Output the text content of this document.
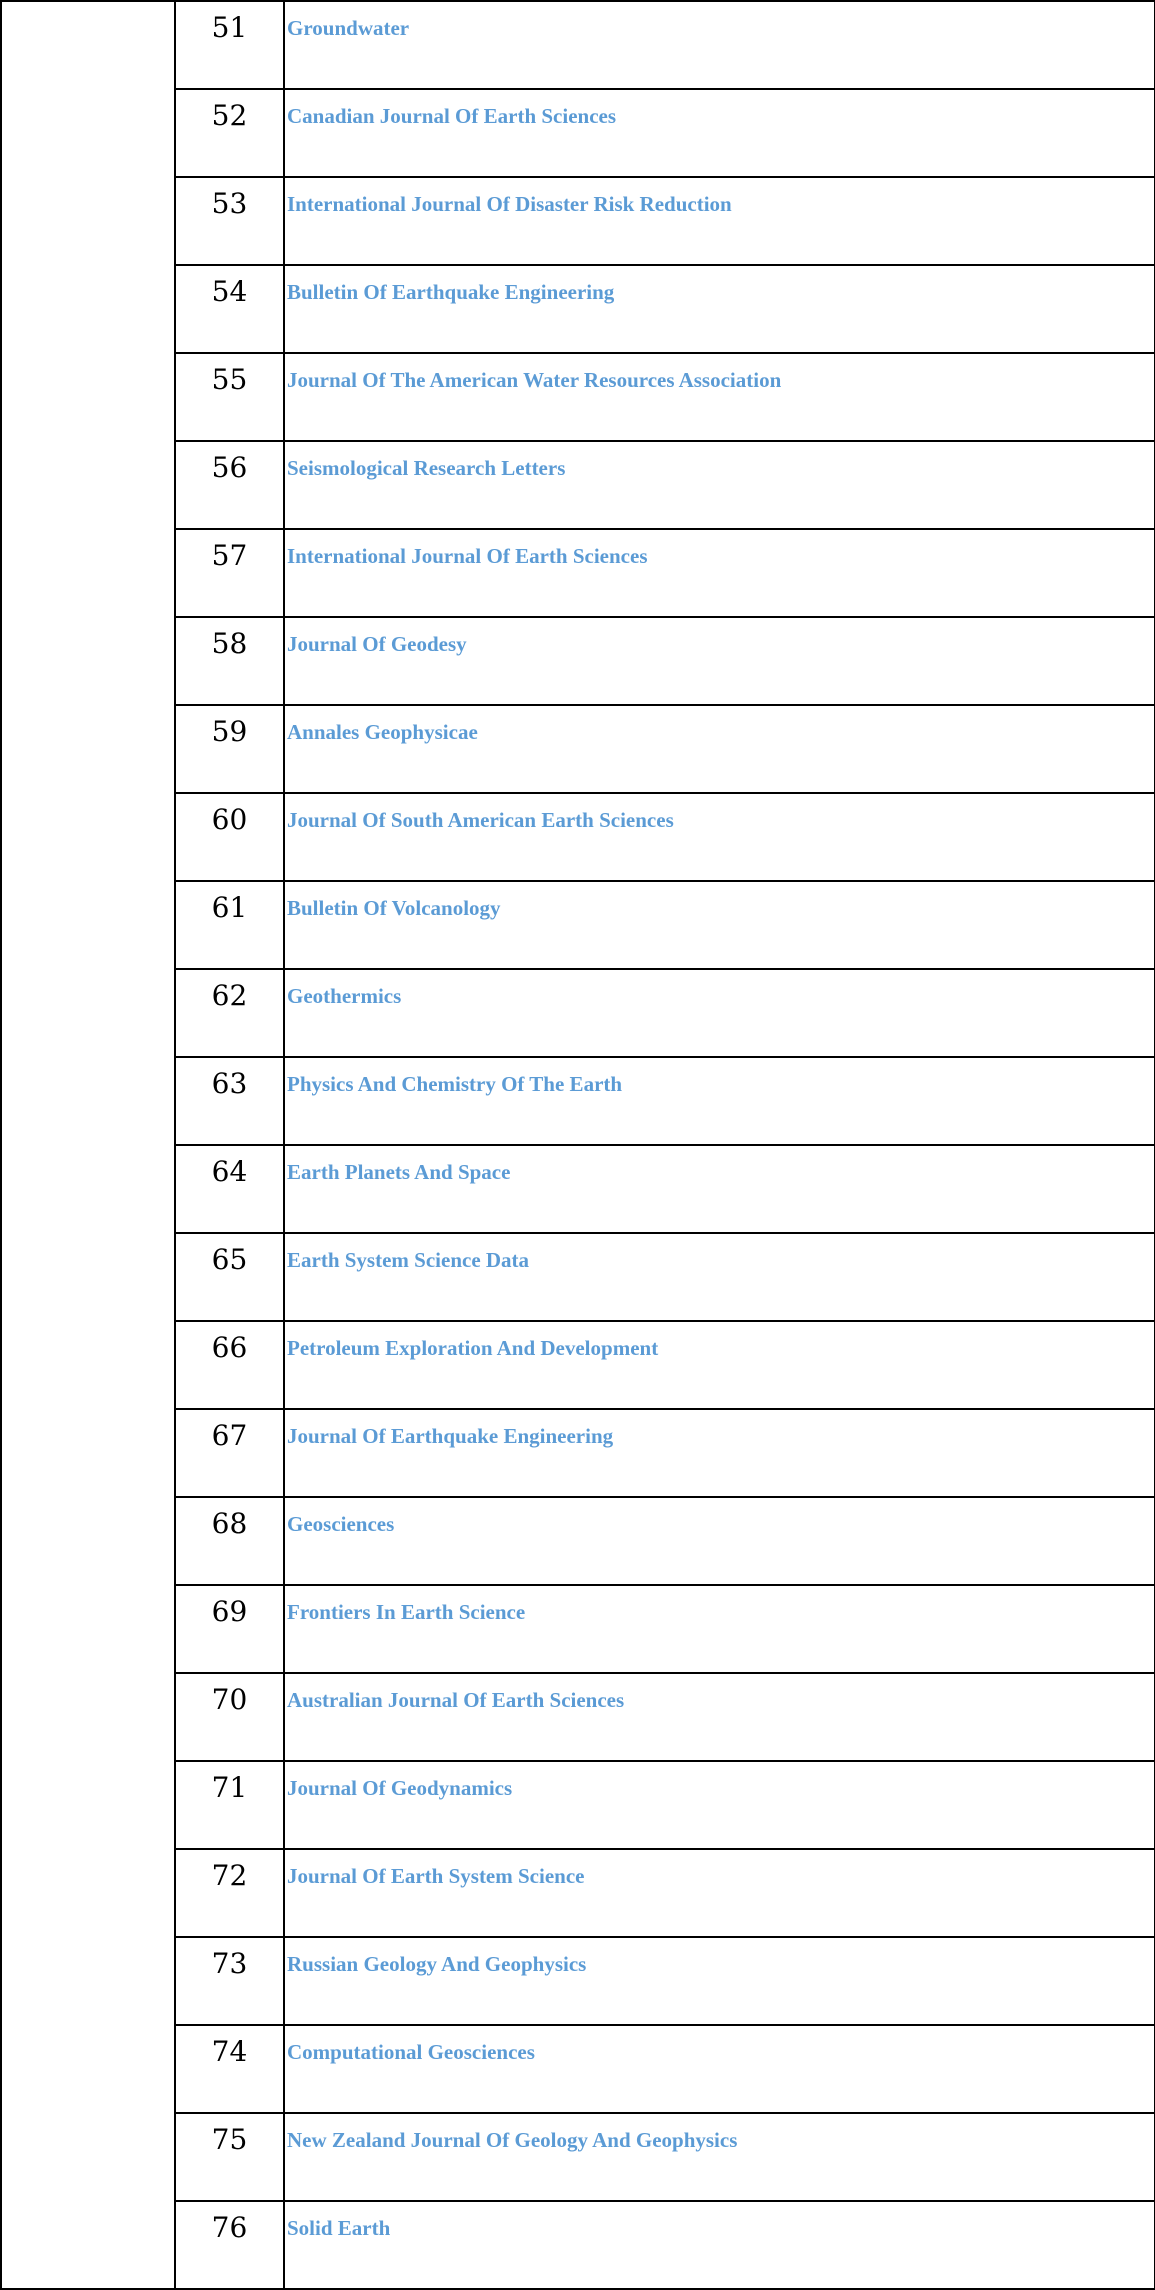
	51	Groundwater
	52	Canadian Journal Of Earth Sciences
	53	International Journal Of Disaster Risk Reduction
	54	Bulletin Of Earthquake Engineering
	55	Journal Of The American Water Resources Association
	56	Seismological Research Letters
	57	International Journal Of Earth Sciences
	58	Journal Of Geodesy
	59	Annales Geophysicae
	60	Journal Of South American Earth Sciences
	61	Bulletin Of Volcanology
	62	Geothermics
	63	Physics And Chemistry Of The Earth
	64	Earth Planets And Space
	65	Earth System Science Data
	66	Petroleum Exploration And Development
	67	Journal Of Earthquake Engineering
	68	Geosciences
	69	Frontiers In Earth Science
	70	Australian Journal Of Earth Sciences
	71	Journal Of Geodynamics
	72	Journal Of Earth System Science
	73	Russian Geology And Geophysics
	74	Computational Geosciences
	75	New Zealand Journal Of Geology And Geophysics
	76	Solid Earth
